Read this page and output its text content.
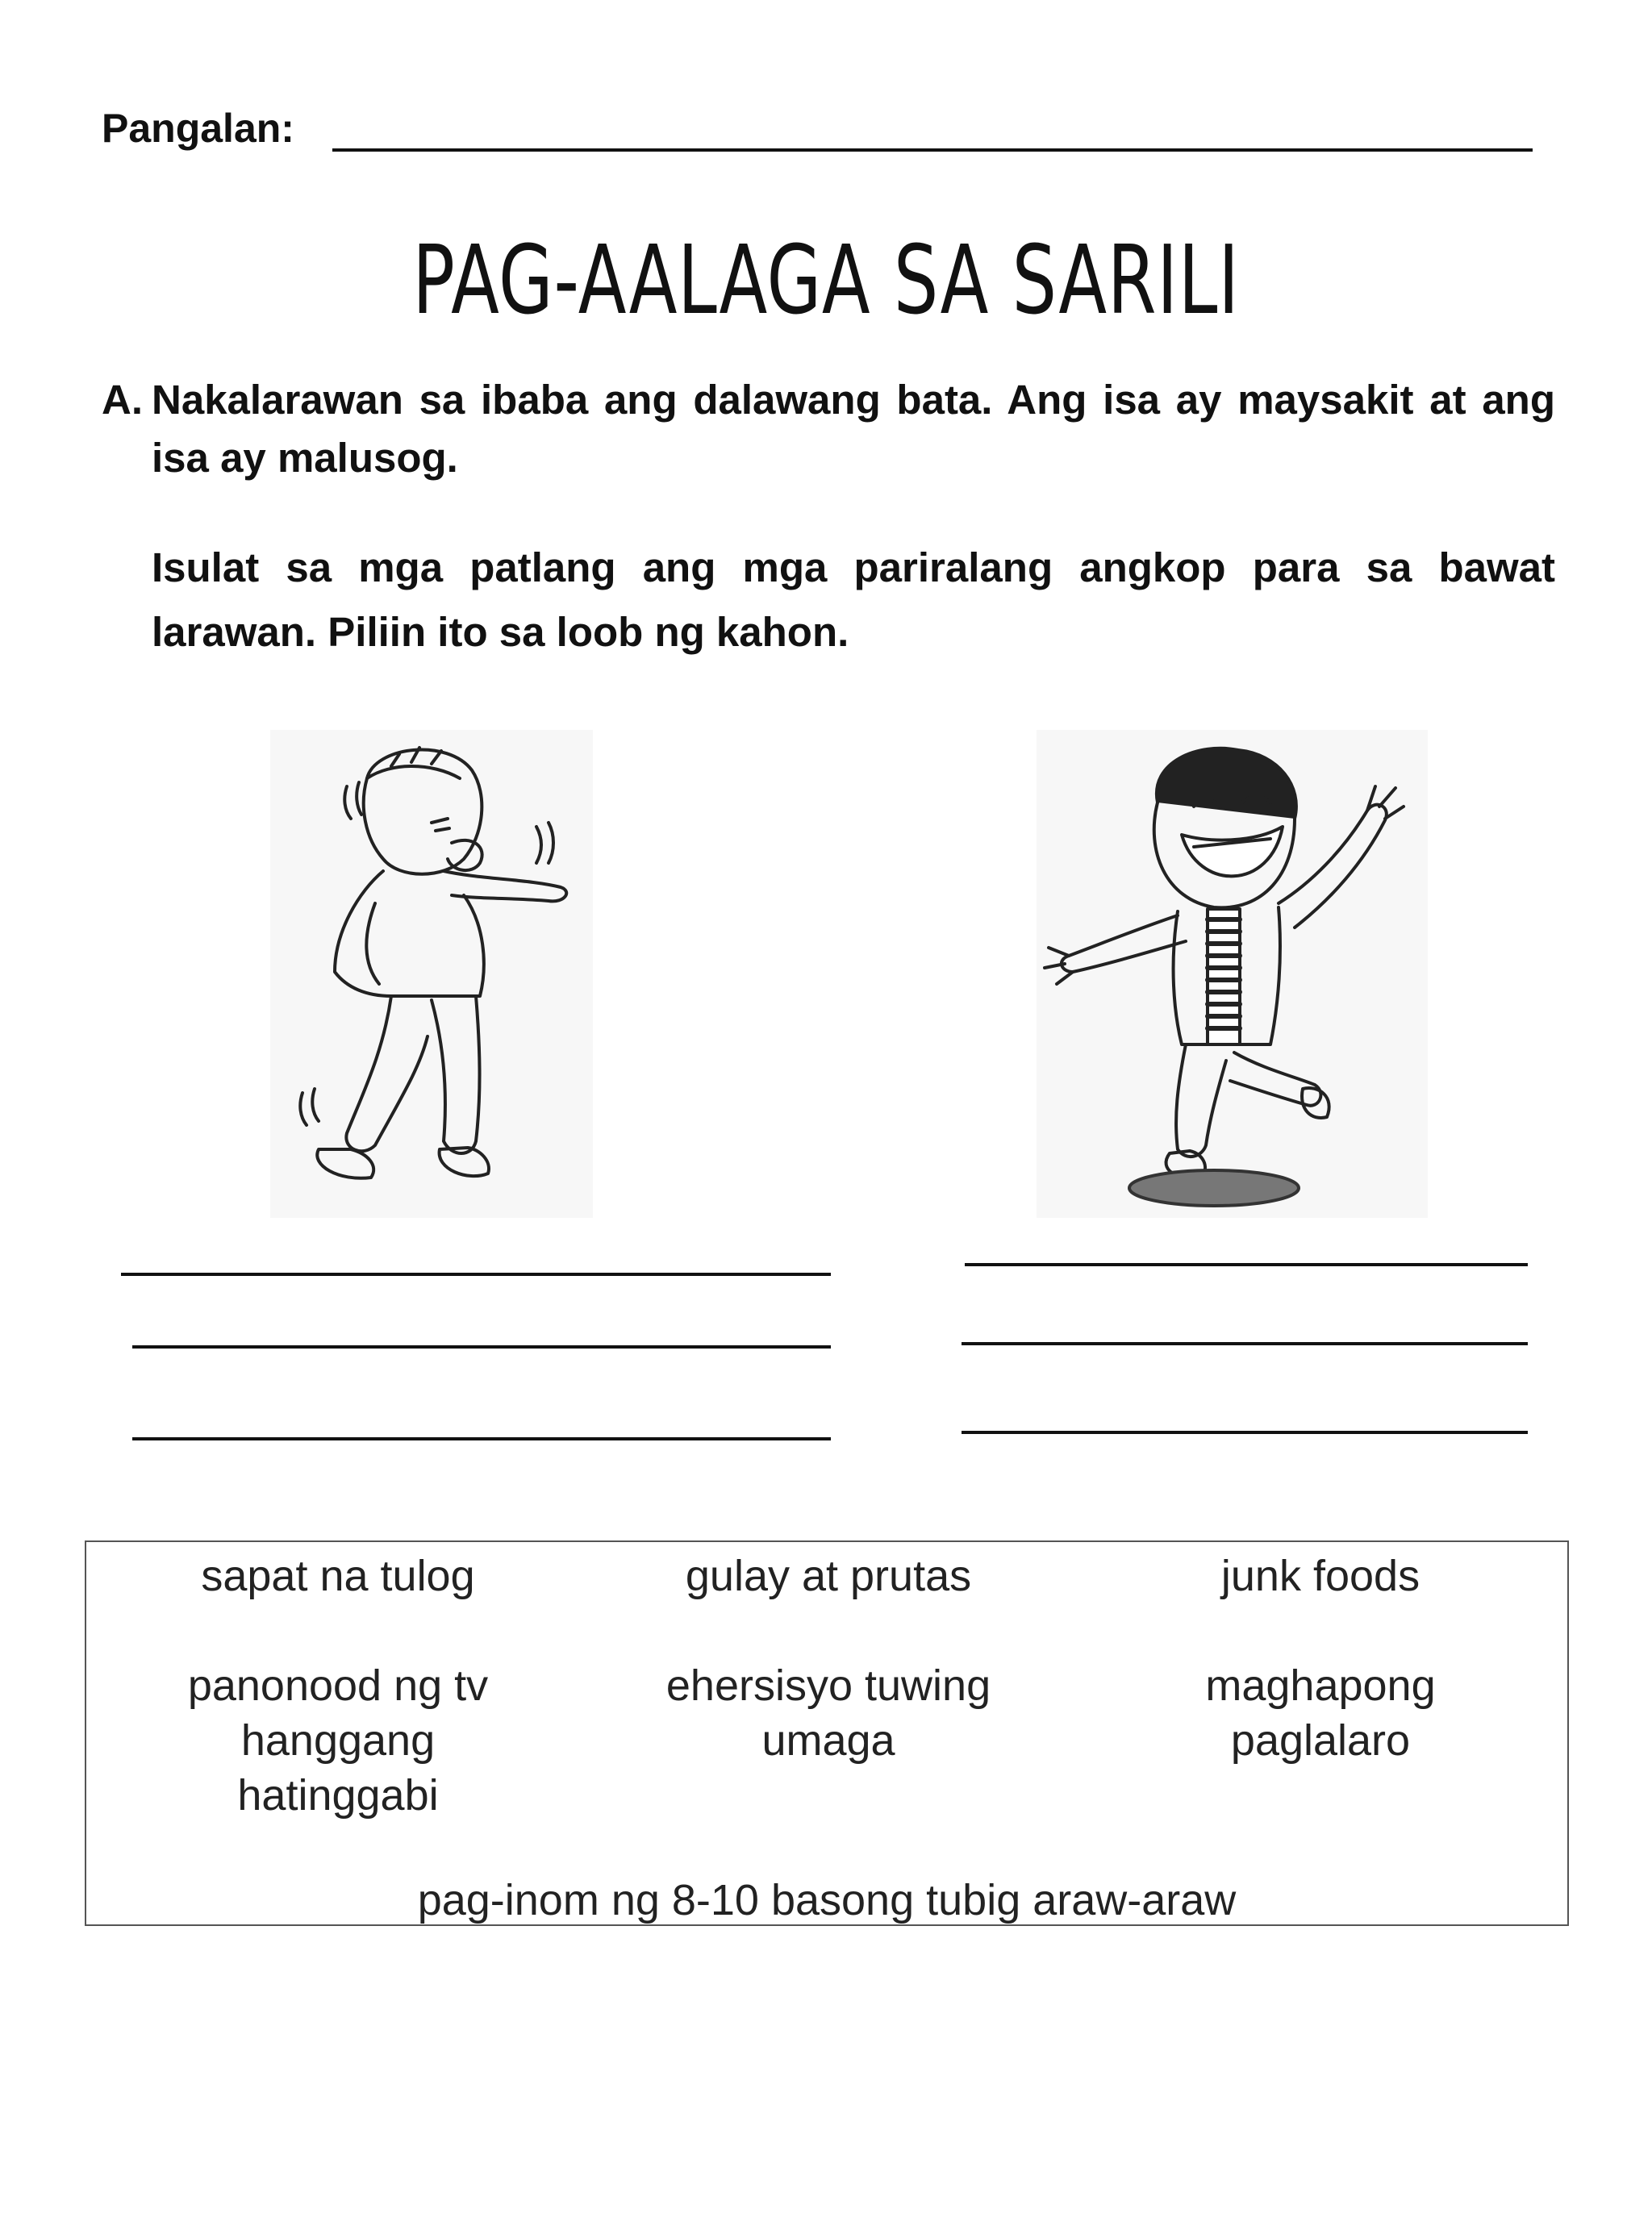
Pangalan:
PAG-AALAGA SA SARILI
A. Nakalarawan sa ibaba ang dalawang bata. Ang isa ay maysakit at ang isa ay malusog.
Isulat sa mga patlang ang mga pariralang angkop para sa bawat larawan. Piliin ito sa loob ng kahon.
sapat na tulog	gulay at prutas	junk foods
panonood ng tv hanggang hatinggabi
ehersisyo tuwing umaga
maghapong paglalaro
pag-inom ng 8-10 basong tubig araw-araw
